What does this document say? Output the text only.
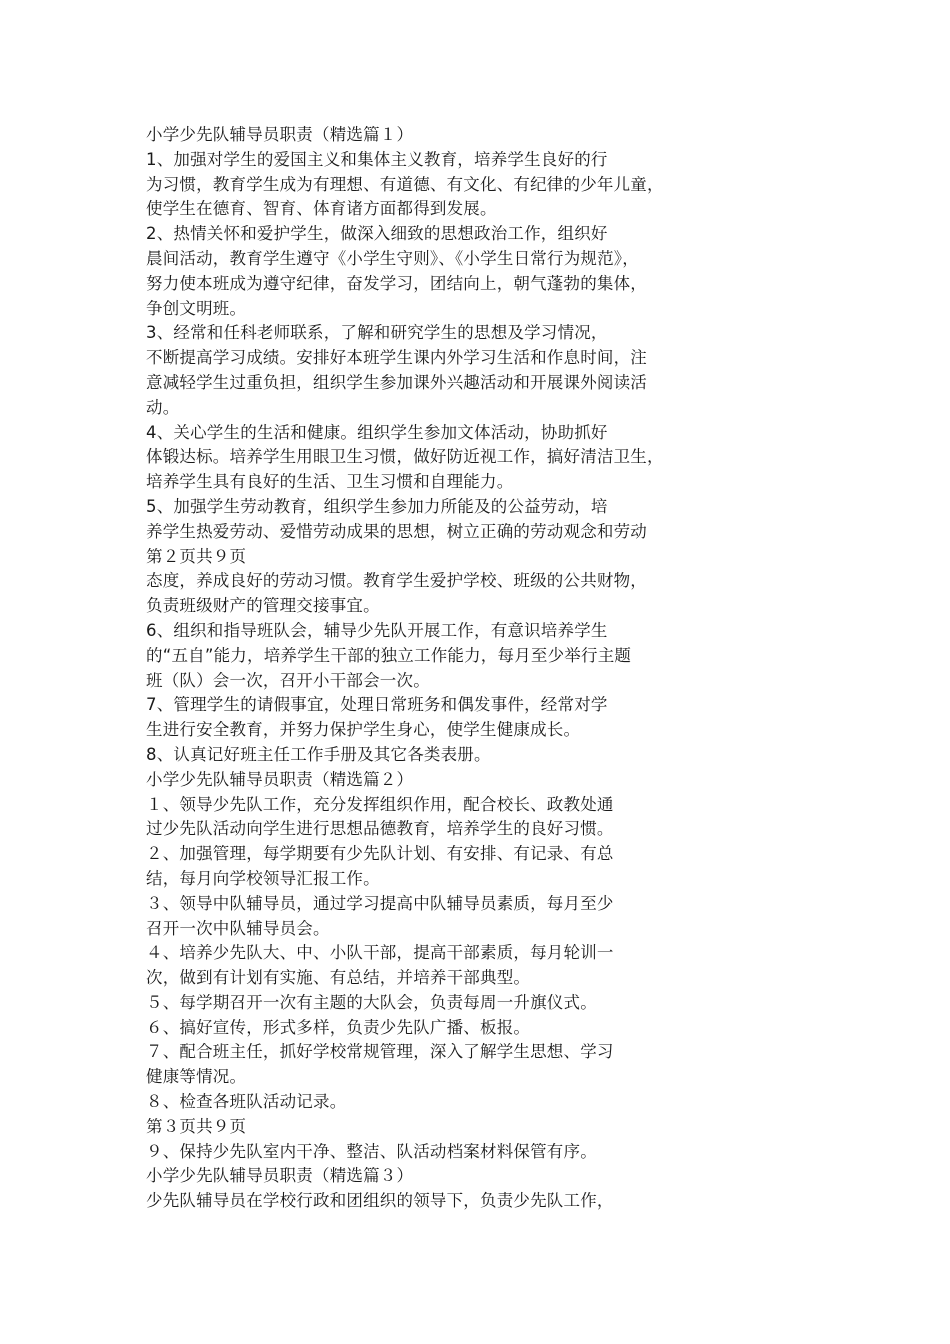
小学少先队辅导员职责（精选篇１）
1、加强对学生的爱国主义和集体主义教育，培养学生良好的行
为习惯，教育学生成为有理想、有道德、有文化、有纪律的少年儿童，
使学生在德育、智育、体育诸方面都得到发展。
2、热情关怀和爱护学生，做深入细致的思想政治工作，组织好
晨间活动，教育学生遵守《小学生守则》、《小学生日常行为规范》，
努力使本班成为遵守纪律，奋发学习，团结向上，朝气蓬勃的集体，
争创文明班。
3、经常和任科老师联系，了解和研究学生的思想及学习情况，
不断提高学习成绩。安排好本班学生课内外学习生活和作息时间，注
意减轻学生过重负担，组织学生参加课外兴趣活动和开展课外阅读活
动。
4、关心学生的生活和健康。组织学生参加文体活动，协助抓好
体锻达标。培养学生用眼卫生习惯，做好防近视工作，搞好清洁卫生，
培养学生具有良好的生活、卫生习惯和自理能力。
5、加强学生劳动教育，组织学生参加力所能及的公益劳动，培
养学生热爱劳动、爱惜劳动成果的思想，树立正确的劳动观念和劳动
第２页共９页
态度，养成良好的劳动习惯。教育学生爱护学校、班级的公共财物，
负责班级财产的管理交接事宜。
6、组织和指导班队会，辅导少先队开展工作，有意识培养学生
的“五自”能力，培养学生干部的独立工作能力，每月至少举行主题
班（队）会一次，召开小干部会一次。
7、管理学生的请假事宜，处理日常班务和偶发事件，经常对学
生进行安全教育，并努力保护学生身心，使学生健康成长。
8、认真记好班主任工作手册及其它各类表册。
小学少先队辅导员职责（精选篇２）
１、领导少先队工作，充分发挥组织作用，配合校长、政教处通
过少先队活动向学生进行思想品德教育，培养学生的良好习惯。
２、加强管理，每学期要有少先队计划、有安排、有记录、有总
结，每月向学校领导汇报工作。
３、领导中队辅导员，通过学习提高中队辅导员素质，每月至少
召开一次中队辅导员会。
４、培养少先队大、中、小队干部，提高干部素质，每月轮训一
次，做到有计划有实施、有总结，并培养干部典型。
５、每学期召开一次有主题的大队会，负责每周一升旗仪式。
６、搞好宣传，形式多样，负责少先队广播、板报。
７、配合班主任，抓好学校常规管理，深入了解学生思想、学习
健康等情况。
８、检查各班队活动记录。
第３页共９页
９、保持少先队室内干净、整洁、队活动档案材料保管有序。
小学少先队辅导员职责（精选篇３）
少先队辅导员在学校行政和团组织的领导下，负责少先队工作，
